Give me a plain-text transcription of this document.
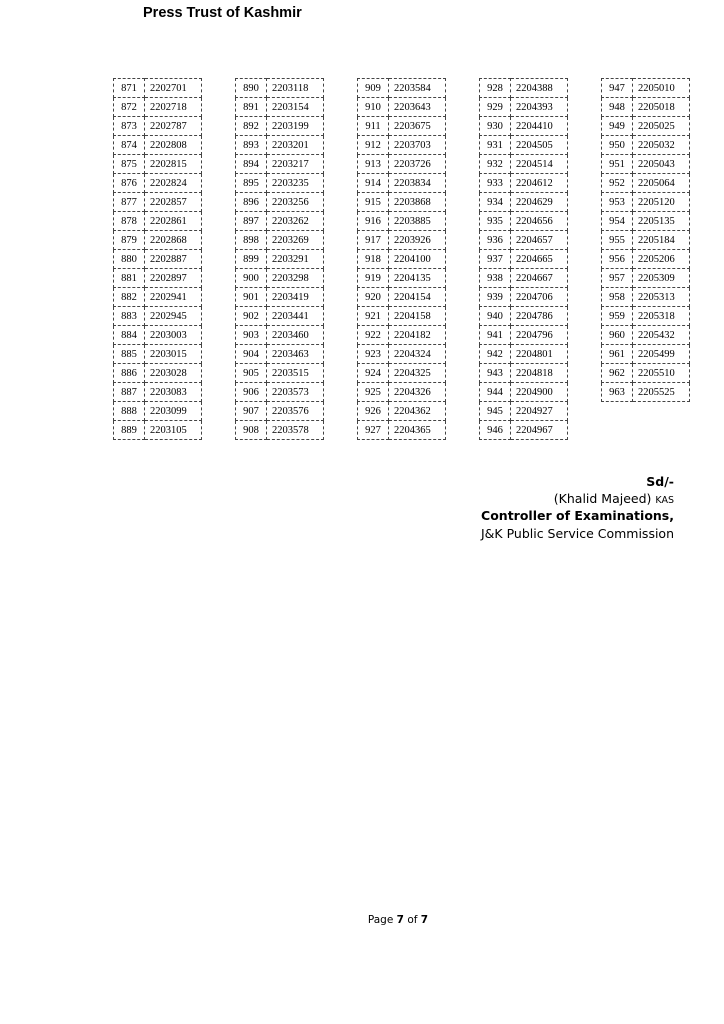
Press Trust of Kashmir
871	2202701
872	2202718
873	2202787
874	2202808
875	2202815
876	2202824
877	2202857
878	2202861
879	2202868
880	2202887
881	2202897
882	2202941
883	2202945
884	2203003
885	2203015
886	2203028
887	2203083
888	2203099
889	2203105
890	2203118
891	2203154
892	2203199
893	2203201
894	2203217
895	2203235
896	2203256
897	2203262
898	2203269
899	2203291
900	2203298
901	2203419
902	2203441
903	2203460
904	2203463
905	2203515
906	2203573
907	2203576
908	2203578
909	2203584
910	2203643
911	2203675
912	2203703
913	2203726
914	2203834
915	2203868
916	2203885
917	2203926
918	2204100
919	2204135
920	2204154
921	2204158
922	2204182
923	2204324
924	2204325
925	2204326
926	2204362
927	2204365
928	2204388
929	2204393
930	2204410
931	2204505
932	2204514
933	2204612
934	2204629
935	2204656
936	2204657
937	2204665
938	2204667
939	2204706
940	2204786
941	2204796
942	2204801
943	2204818
944	2204900
945	2204927
946	2204967
947	2205010
948	2205018
949	2205025
950	2205032
951	2205043
952	2205064
953	2205120
954	2205135
955	2205184
956	2205206
957	2205309
958	2205313
959	2205318
960	2205432
961	2205499
962	2205510
963	2205525
Sd/-
(Khalid Majeed) KAS
Controller of Examinations,
J&K Public Service Commission
Page 7 of 7
